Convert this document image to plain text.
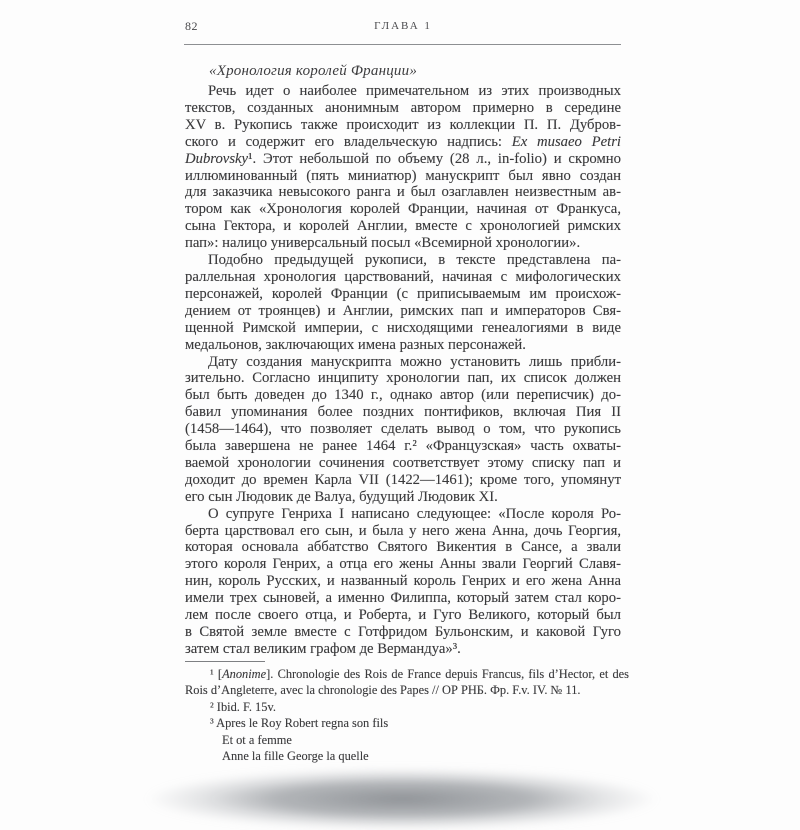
82	ГЛАВА 1
«Хронология королей Франции»
Речь идет о наиболее примечательном из этих производных
текстов, созданных анонимным автором примерно в середине
XV в. Рукопись также происходит из коллекции П. П. Дубров-
ского и содержит его владельческую надпись: Ex musaeo Petri
Dubrovsky¹. Этот небольшой по объему (28 л., in-folio) и скромно
иллюминованный (пять миниатюр) манускрипт был явно создан
для заказчика невысокого ранга и был озаглавлен неизвестным ав-
тором как «Хронология королей Франции, начиная от Франкуса,
сына Гектора, и королей Англии, вместе с хронологией римских
пап»: налицо универсальный посыл «Всемирной хронологии».
Подобно предыдущей рукописи, в тексте представлена па-
раллельная хронология царствований, начиная с мифологических
персонажей, королей Франции (с приписываемым им происхож-
дением от троянцев) и Англии, римских пап и императоров Свя-
щенной Римской империи, с нисходящими генеалогиями в виде
медальонов, заключающих имена разных персонажей.
Дату создания манускрипта можно установить лишь прибли-
зительно. Согласно инципиту хронологии пап, их список должен
был быть доведен до 1340 г., однако автор (или переписчик) до-
бавил упоминания более поздних понтификов, включая Пия II
(1458—1464), что позволяет сделать вывод о том, что рукопись
была завершена не ранее 1464 г.² «Французская» часть охваты-
ваемой хронологии сочинения соответствует этому списку пап и
доходит до времен Карла VII (1422—1461); кроме того, упомянут
его сын Людовик де Валуа, будущий Людовик XI.
О супруге Генриха I написано следующее: «После короля Ро-
берта царствовал его сын, и была у него жена Анна, дочь Георгия,
которая основала аббатство Святого Викентия в Сансе, а звали
этого короля Генрих, а отца его жены Анны звали Георгий Славя-
нин, король Русских, и названный король Генрих и его жена Анна
имели трех сыновей, а именно Филиппа, который затем стал коро-
лем после своего отца, и Роберта, и Гуго Великого, который был
в Святой земле вместе с Готфридом Бульонским, и каковой Гуго
затем стал великим графом де Вермандуа»³.
¹ [Anonime]. Chronologie des Rois de France depuis Francus, fils d’Hector, et des
Rois d’Angleterre, avec la chronologie des Papes // ОР РНБ. Фр. F.v. IV. № 11.
² Ibid. F. 15v.
³ Apres le Roy Robert regna son fils
Et ot a femme
Anne la fille George la quelle
